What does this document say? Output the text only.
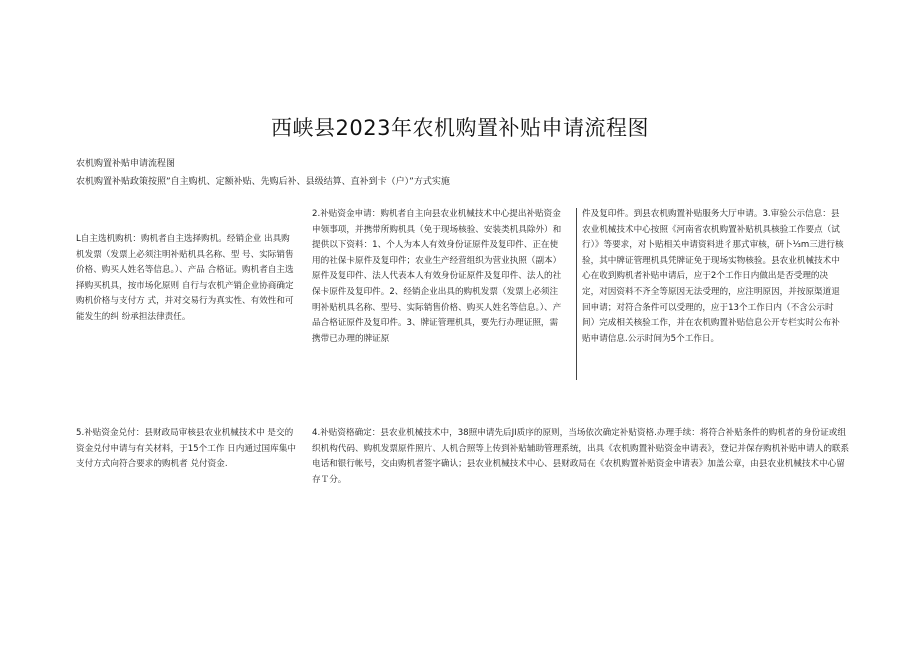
西峡县2023年农机购置补贴申请流程图
农机购置补贴申请流程图
农机购置补贴政策按照”自主购机、定额补贴、先购后补、县级结算、直补到卡（户）”方式实施

L自主选机购机：购机者自主选择购机。经销企业 出具购机发票（发票上必须注明补贴机具名称、型 号、实际销售价格、购买人姓名等信息。）、产品 合格证。购机者自主选择购买机具，按市场化原则 自行与农机产销企业协商确定购机价格与支付方 式，并对交易行为真实性、有效性和可能发生的纠 纷承担法律责任。

2.补贴资金申请：购机者自主向县农业机械技术中心提出补贴资金申领事项，并携带所购机具（免于现场核验、安装类机具除外）和提供以下资料：1、个人为本人有效身份证原件及复印件、正在使用的社保卡原件及复印件；农业生产经营组织为营业执照（副本）原件及复印件、法人代表本人有效身份证原件及复印件、法人的社保卡原件及复印件。2、经销企业出具的购机发票（发票上必须注明补贴机具名称、型号、实际销售价格、购买人姓名等信息。）、产品合格证原件及复印件。3、牌证管理机具，要先行办理证照，需携带已办理的牌证原

件及复印件。到县农机购置补贴服务大厅申请。3.审验公示信息：县农业机械技术中心按照《河南省农机购置补贴机具核验工作要点（试行）》等要求，对卜贴相关申请资料进彳那式审核，研卜⅓m三进行核验，其中牌证管理机具凭牌证免于现场实物核验。县农业机械技术中心在收到购机者补贴申请后，应于2个工作日内做出是否受理的决定，对因资料不齐全等原因无法受理的，应注明原因，并按原渠道退回申请；对符合条件可以受理的，应于13个工作日内（不含公示时间）完成相关核验工作，并在农机购置补贴信息公开专栏实时公布补贴申请信息.公示时间为5个工作日。

5.补贴资金兑付：县财政局审核县农业机械技术中 是交的资金兑付申请与有关材料，于15个工作 日内通过国库集中支付方式向符合要求的购机者 兑付资金.

4.补贴资格确定：县农业机械技术中，38照申请先后JI质序的原则，当场依次确定补贴资格.办理手续：将符合补贴条件的购机者的身份证或组织机构代码、购机发票原件照片、人机合照等上传到补贴辅助管理系统，出具《农机购置补贴资金申请表》，登记并保存购机补贴申请人的联系电话和银行帐号，交由购机者签字确认；县农业机械技术中心、县财政局在《农机购置补贴资金申请表》加盖公章，由县农业机械技术中心留存Ｔ分。
